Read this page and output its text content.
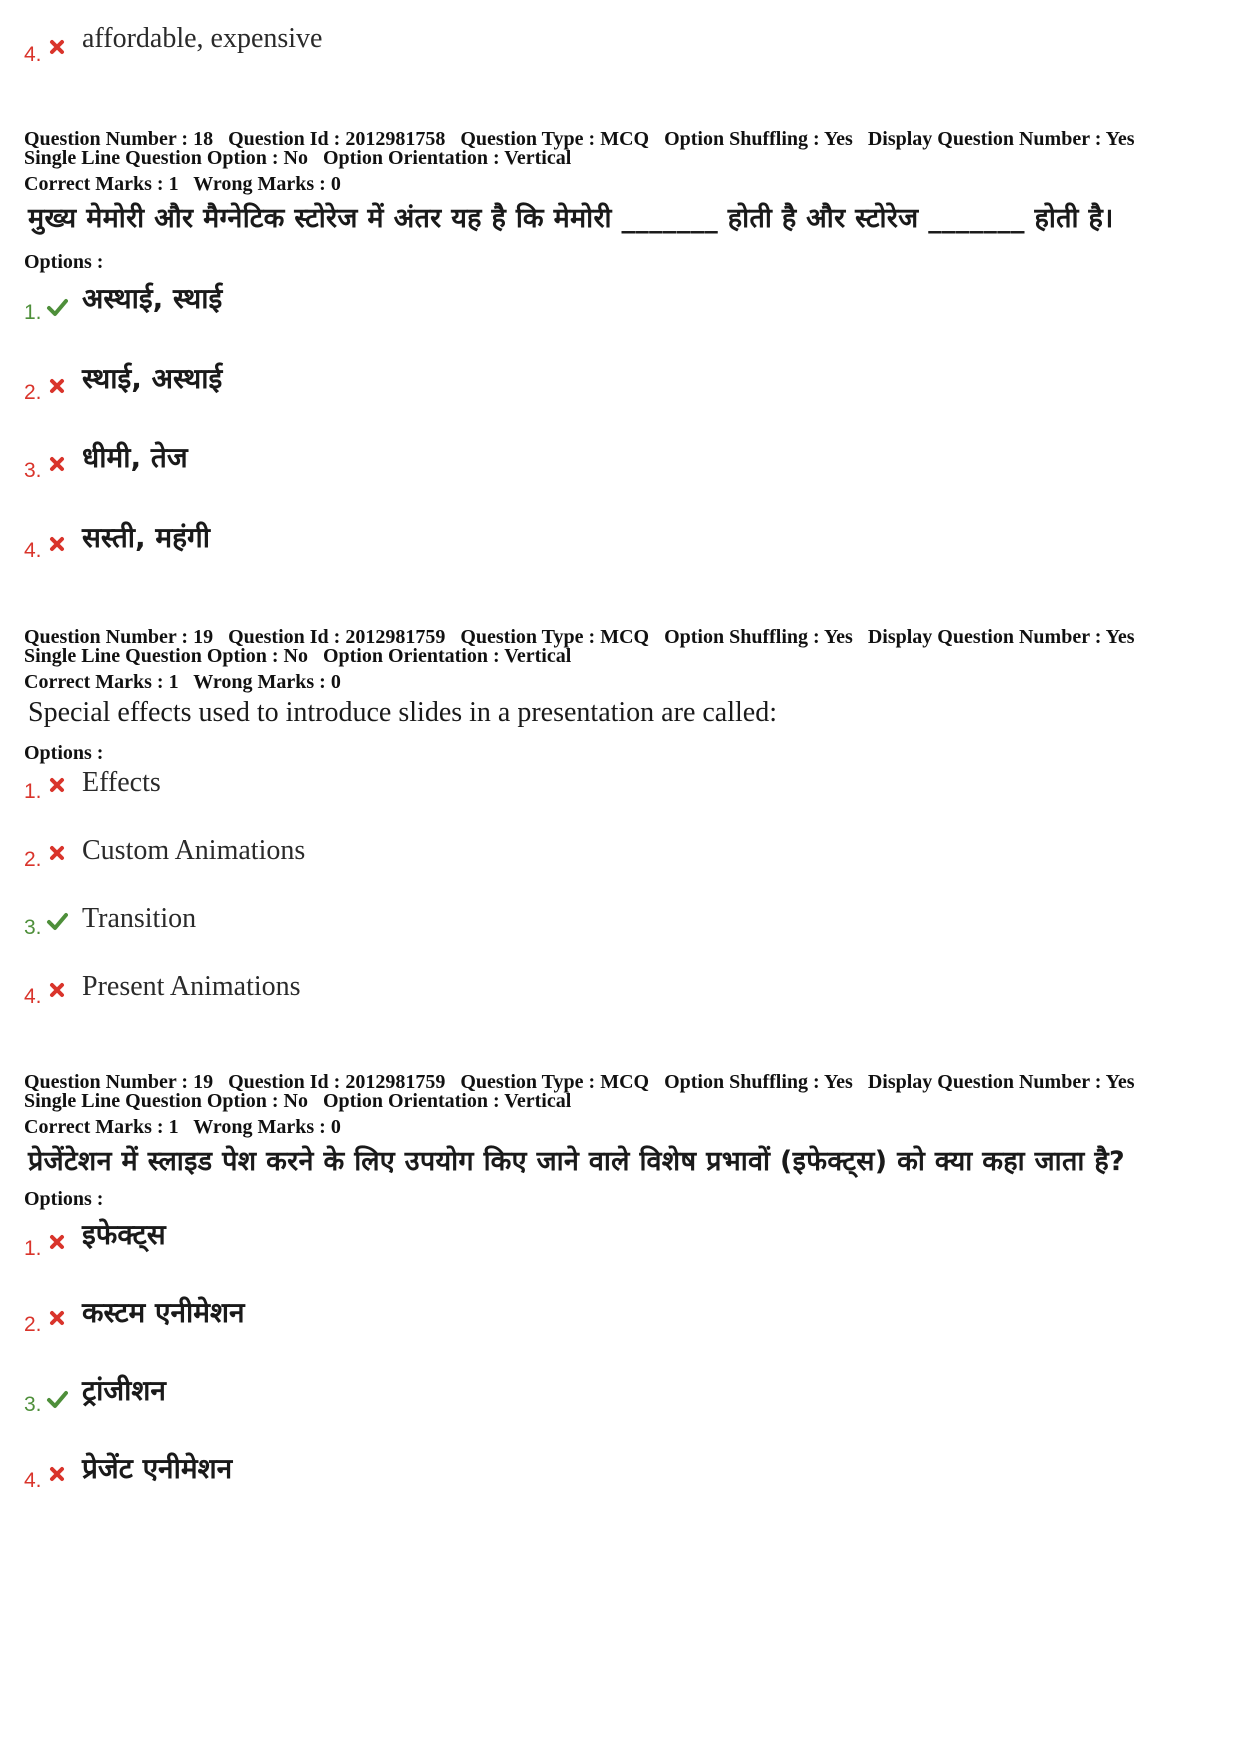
4.
affordable, expensive
Question Number : 18 Question Id : 2012981758 Question Type : MCQ Option Shuffling : Yes Display Question Number : Yes
Single Line Question Option : No Option Orientation : Vertical
Correct Marks : 1 Wrong Marks : 0
मुख्य मेमोरी और मैग्नेटिक स्टोरेज में अंतर यह है कि मेमोरी _______ होती है और स्टोरेज _______ होती है।
Options :
1. अस्थाई, स्थाई
2. स्थाई, अस्थाई
3. धीमी, तेज
4. सस्ती, महंगी
Question Number : 19 Question Id : 2012981759 Question Type : MCQ Option Shuffling : Yes Display Question Number : Yes
Single Line Question Option : No Option Orientation : Vertical
Correct Marks : 1 Wrong Marks : 0
Special effects used to introduce slides in a presentation are called:
Options :
1. Effects
2. Custom Animations
3. Transition
4. Present Animations
Question Number : 19 Question Id : 2012981759 Question Type : MCQ Option Shuffling : Yes Display Question Number : Yes
Single Line Question Option : No Option Orientation : Vertical
Correct Marks : 1 Wrong Marks : 0
प्रेजेंटेशन में स्लाइड पेश करने के लिए उपयोग किए जाने वाले विशेष प्रभावों (इफेक्ट्स) को क्या कहा जाता है?
Options :
1. इफेक्ट्स
2. कस्टम एनीमेशन
3. ट्रांजीशन
4. प्रेजेंट एनीमेशन
